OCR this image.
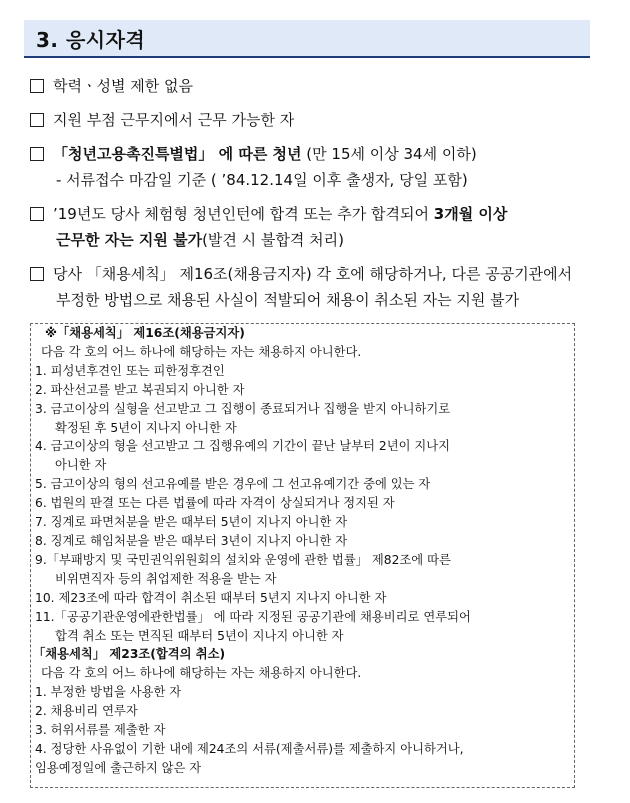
3. 응시자격
학력ㆍ성별 제한 없음
지원 부점 근무지에서 근무 가능한 자
「청년고용촉진특별법」 에 따른 청년 (만 15세 이상 34세 이하)
- 서류접수 마감일 기준 ( ’84.12.14일 이후 출생자, 당일 포함)
’19년도 당사 체험형 청년인턴에 합격 또는 추가 합격되어 3개월 이상
근무한 자는 지원 불가(발견 시 불합격 처리)
당사 「채용세칙」 제16조(채용금지자) 각 호에 해당하거나, 다른 공공기관에서
부정한 방법으로 채용된 사실이 적발되어 채용이 취소된 자는 지원 불가
※「채용세칙」 제16조(채용금지자)
다음 각 호의 어느 하나에 해당하는 자는 채용하지 아니한다.
1. 피성년후견인 또는 피한정후견인
2. 파산선고를 받고 복권되지 아니한 자
3. 금고이상의 실형을 선고받고 그 집행이 종료되거나 집행을 받지 아니하기로
확정된 후 5년이 지나지 아니한 자
4. 금고이상의 형을 선고받고 그 집행유예의 기간이 끝난 날부터 2년이 지나지
아니한 자
5. 금고이상의 형의 선고유예를 받은 경우에 그 선고유예기간 중에 있는 자
6. 법원의 판결 또는 다른 법률에 따라 자격이 상실되거나 정지된 자
7. 징계로 파면처분을 받은 때부터 5년이 지나지 아니한 자
8. 징계로 해임처분을 받은 때부터 3년이 지나지 아니한 자
9.「부패방지 및 국민권익위원회의 설치와 운영에 관한 법률」 제82조에 따른
비위면직자 등의 취업제한 적용을 받는 자
10. 제23조에 따라 합격이 취소된 때부터 5년지 지나지 아니한 자
11.「공공기관운영에관한법률」 에 따라 지정된 공공기관에 채용비리로 연루되어
합격 취소 또는 면직된 때부터 5년이 지나지 아니한 자
「채용세칙」 제23조(합격의 취소)
다음 각 호의 어느 하나에 해당하는 자는 채용하지 아니한다.
1. 부정한 방법을 사용한 자
2. 채용비리 연루자
3. 허위서류를 제출한 자
4. 정당한 사유없이 기한 내에 제24조의 서류(제출서류)를 제출하지 아니하거나,
임용예정일에 출근하지 않은 자
